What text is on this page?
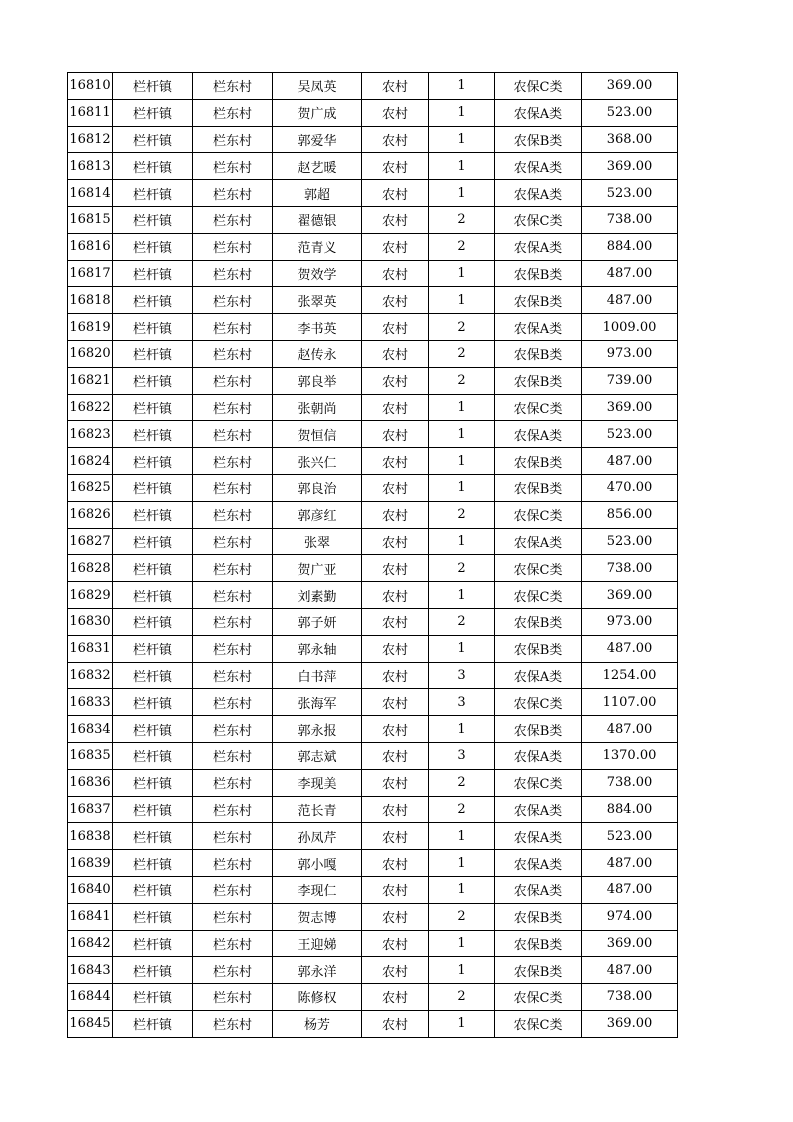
16810	栏杆镇	栏东村	吴凤英	农村	1	农保C类	369.00
16811	栏杆镇	栏东村	贺广成	农村	1	农保A类	523.00
16812	栏杆镇	栏东村	郭爱华	农村	1	农保B类	368.00
16813	栏杆镇	栏东村	赵艺暖	农村	1	农保A类	369.00
16814	栏杆镇	栏东村	郭超	农村	1	农保A类	523.00
16815	栏杆镇	栏东村	翟德银	农村	2	农保C类	738.00
16816	栏杆镇	栏东村	范青义	农村	2	农保A类	884.00
16817	栏杆镇	栏东村	贺效学	农村	1	农保B类	487.00
16818	栏杆镇	栏东村	张翠英	农村	1	农保B类	487.00
16819	栏杆镇	栏东村	李书英	农村	2	农保A类	1009.00
16820	栏杆镇	栏东村	赵传永	农村	2	农保B类	973.00
16821	栏杆镇	栏东村	郭良举	农村	2	农保B类	739.00
16822	栏杆镇	栏东村	张朝尚	农村	1	农保C类	369.00
16823	栏杆镇	栏东村	贺恒信	农村	1	农保A类	523.00
16824	栏杆镇	栏东村	张兴仁	农村	1	农保B类	487.00
16825	栏杆镇	栏东村	郭良治	农村	1	农保B类	470.00
16826	栏杆镇	栏东村	郭彦红	农村	2	农保C类	856.00
16827	栏杆镇	栏东村	张翠	农村	1	农保A类	523.00
16828	栏杆镇	栏东村	贺广亚	农村	2	农保C类	738.00
16829	栏杆镇	栏东村	刘素勤	农村	1	农保C类	369.00
16830	栏杆镇	栏东村	郭子妍	农村	2	农保B类	973.00
16831	栏杆镇	栏东村	郭永轴	农村	1	农保B类	487.00
16832	栏杆镇	栏东村	白书萍	农村	3	农保A类	1254.00
16833	栏杆镇	栏东村	张海军	农村	3	农保C类	1107.00
16834	栏杆镇	栏东村	郭永报	农村	1	农保B类	487.00
16835	栏杆镇	栏东村	郭志斌	农村	3	农保A类	1370.00
16836	栏杆镇	栏东村	李现美	农村	2	农保C类	738.00
16837	栏杆镇	栏东村	范长青	农村	2	农保A类	884.00
16838	栏杆镇	栏东村	孙凤芹	农村	1	农保A类	523.00
16839	栏杆镇	栏东村	郭小嘎	农村	1	农保A类	487.00
16840	栏杆镇	栏东村	李现仁	农村	1	农保A类	487.00
16841	栏杆镇	栏东村	贺志博	农村	2	农保B类	974.00
16842	栏杆镇	栏东村	王迎娣	农村	1	农保B类	369.00
16843	栏杆镇	栏东村	郭永洋	农村	1	农保B类	487.00
16844	栏杆镇	栏东村	陈修权	农村	2	农保C类	738.00
16845	栏杆镇	栏东村	杨芳	农村	1	农保C类	369.00
